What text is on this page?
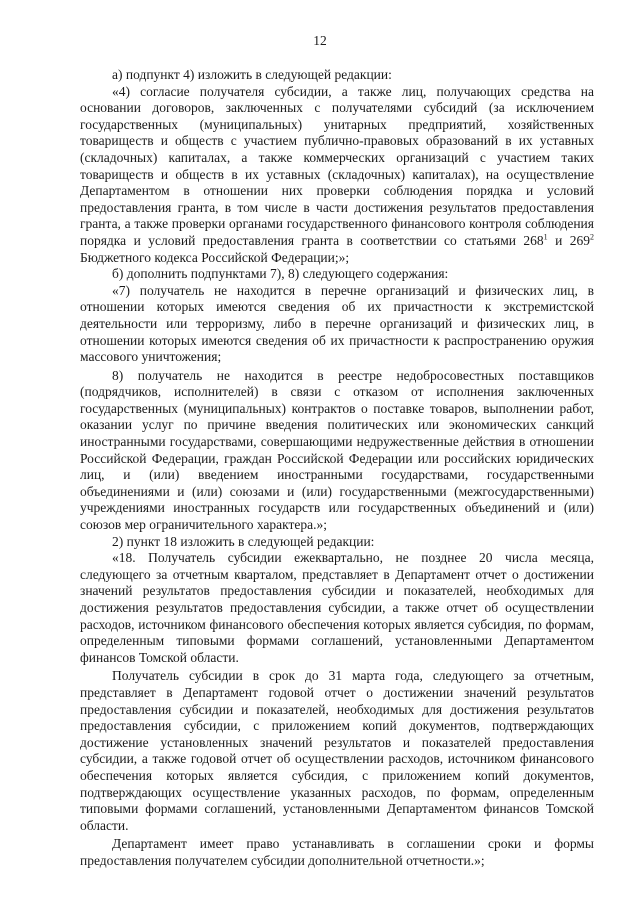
12

а) подпункт 4) изложить в следующей редакции:

«4) согласие получателя субсидии, а также лиц, получающих средства на основании договоров, заключенных с получателями субсидий (за исключением государственных (муниципальных) унитарных предприятий, хозяйственных товариществ и обществ с участием публично-правовых образований в их уставных (складочных) капиталах, а также коммерческих организаций с участием таких товариществ и обществ в их уставных (складочных) капиталах), на осуществление Департаментом в отношении них проверки соблюдения порядка и условий предоставления гранта, в том числе в части достижения результатов предоставления гранта, а также проверки органами государственного финансового контроля соблюдения порядка и условий предоставления гранта в соответствии со статьями $268^1$ и $269^2$ Бюджетного кодекса Российской Федерации;»;

б) дополнить подпунктами 7), 8) следующего содержания:

«7) получатель не находится в перечне организаций и физических лиц, в отношении которых имеются сведения об их причастности к экстремистской деятельности или терроризму, либо в перечне организаций и физических лиц, в отношении которых имеются сведения об их причастности к распространению оружия массового уничтожения;

8) получатель не находится в реестре недобросовестных поставщиков (подрядчиков, исполнителей) в связи с отказом от исполнения заключенных государственных (муниципальных) контрактов о поставке товаров, выполнении работ, оказании услуг по причине введения политических или экономических санкций иностранными государствами, совершающими недружественные действия в отношении Российской Федерации, граждан Российской Федерации или российских юридических лиц, и (или) введением иностранными государствами, государственными объединениями и (или) союзами и (или) государственными (межгосударственными) учреждениями иностранных государств или государственных объединений и (или) союзов мер ограничительного характера.»;

2) пункт 18 изложить в следующей редакции:

«18. Получатель субсидии ежеквартально, не позднее 20 числа месяца, следующего за отчетным кварталом, представляет в Департамент отчет о достижении значений результатов предоставления субсидии и показателей, необходимых для достижения результатов предоставления субсидии, а также отчет об осуществлении расходов, источником финансового обеспечения которых является субсидия, по формам, определенным типовыми формами соглашений, установленными Департаментом финансов Томской области.

Получатель субсидии в срок до 31 марта года, следующего за отчетным, представляет в Департамент годовой отчет о достижении значений результатов предоставления субсидии и показателей, необходимых для достижения результатов предоставления субсидии, с приложением копий документов, подтверждающих достижение установленных значений результатов и показателей предоставления субсидии, а также годовой отчет об осуществлении расходов, источником финансового обеспечения которых является субсидия, с приложением копий документов, подтверждающих осуществление указанных расходов, по формам, определенным типовыми формами соглашений, установленными Департаментом финансов Томской области.

Департамент имеет право устанавливать в соглашении сроки и формы предоставления получателем субсидии дополнительной отчетности.»;
